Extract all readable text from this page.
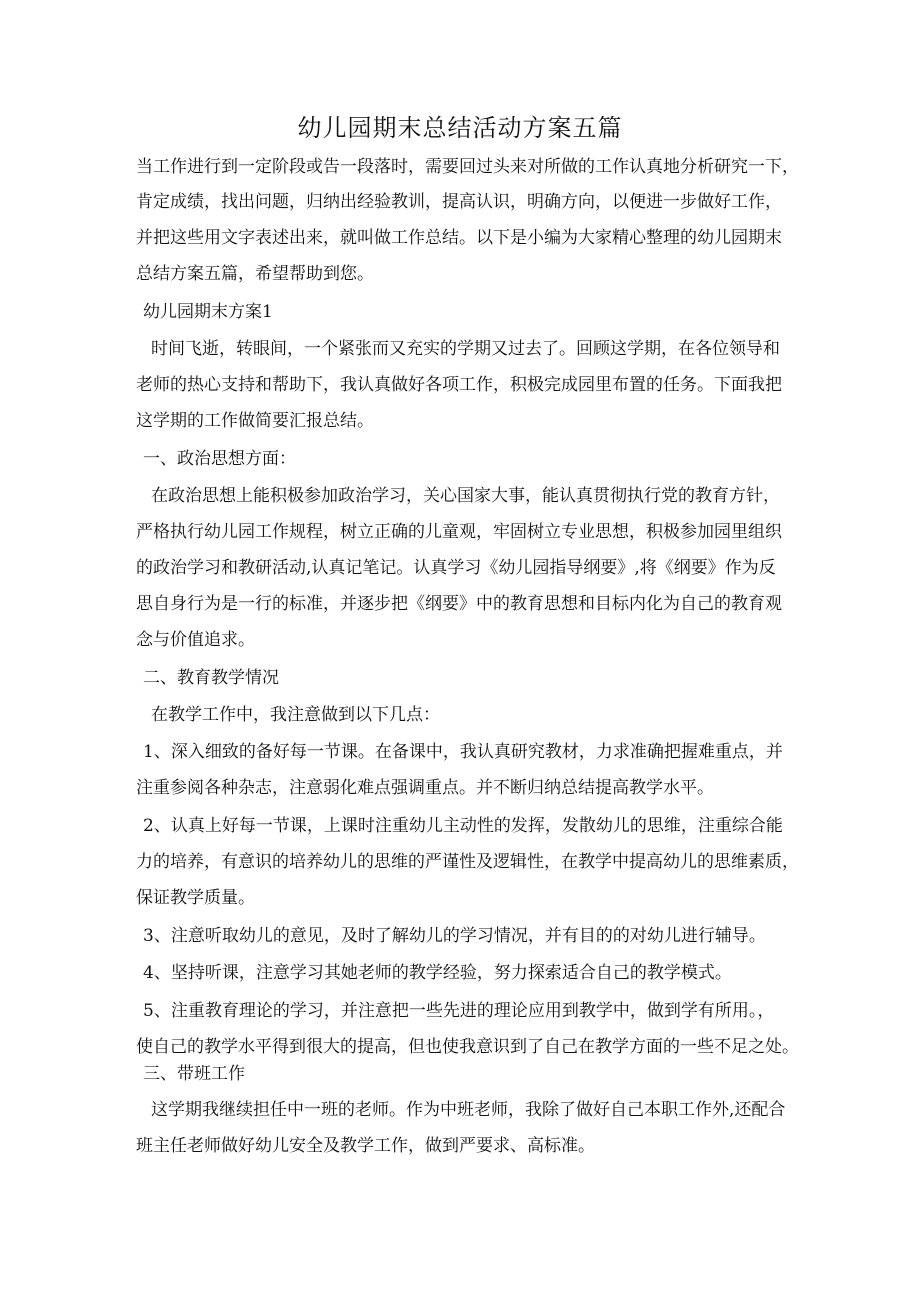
幼儿园期末总结活动方案五篇
当工作进行到一定阶段或告一段落时，需要回过头来对所做的工作认真地分析研究一下，
肯定成绩，找出问题，归纳出经验教训，提高认识，明确方向，以便进一步做好工作，
并把这些用文字表述出来，就叫做工作总结。以下是小编为大家精心整理的幼儿园期末
总结方案五篇，希望帮助到您。
幼儿园期末方案1
时间飞逝，转眼间，一个紧张而又充实的学期又过去了。回顾这学期，在各位领导和
老师的热心支持和帮助下，我认真做好各项工作，积极完成园里布置的任务。下面我把
这学期的工作做简要汇报总结。
一、政治思想方面：
在政治思想上能积极参加政治学习，关心国家大事，能认真贯彻执行党的教育方针，
严格执行幼儿园工作规程，树立正确的儿童观，牢固树立专业思想，积极参加园里组织
的政治学习和教研活动,认真记笔记。认真学习《幼儿园指导纲要》,将《纲要》作为反
思自身行为是一行的标准，并逐步把《纲要》中的教育思想和目标内化为自己的教育观
念与价值追求。
二、教育教学情况
在教学工作中，我注意做到以下几点：
1、深入细致的备好每一节课。在备课中，我认真研究教材，力求准确把握难重点，并
注重参阅各种杂志，注意弱化难点强调重点。并不断归纳总结提高教学水平。
2、认真上好每一节课，上课时注重幼儿主动性的发挥，发散幼儿的思维，注重综合能
力的培养，有意识的培养幼儿的思维的严谨性及逻辑性，在教学中提高幼儿的思维素质，
保证教学质量。
3、注意听取幼儿的意见，及时了解幼儿的学习情况，并有目的的对幼儿进行辅导。
4、坚持听课，注意学习其她老师的教学经验，努力探索适合自己的教学模式。
5、注重教育理论的学习，并注意把一些先进的理论应用到教学中，做到学有所用。，
使自己的教学水平得到很大的提高，但也使我意识到了自己在教学方面的一些不足之处。
三、带班工作
这学期我继续担任中一班的老师。作为中班老师，我除了做好自己本职工作外,还配合
班主任老师做好幼儿安全及教学工作，做到严要求、高标准。
